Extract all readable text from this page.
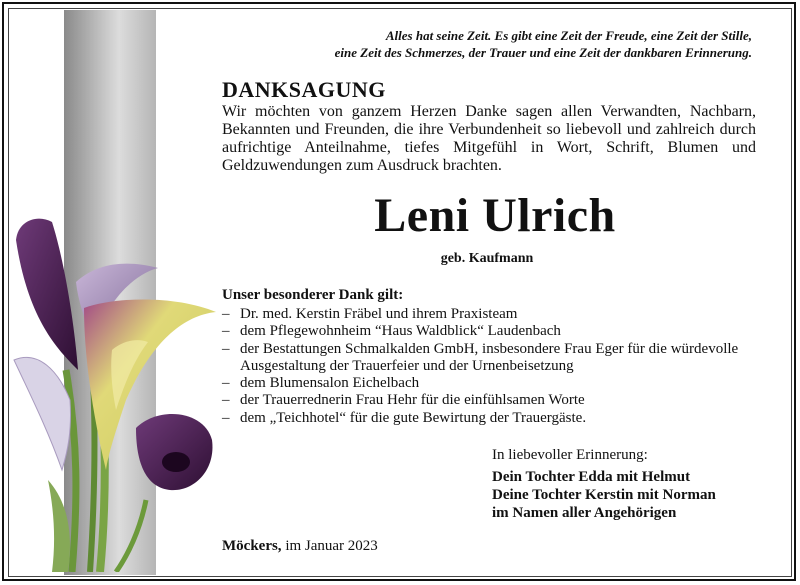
Alles hat seine Zeit. Es gibt eine Zeit der Freude, eine Zeit der Stille,
eine Zeit des Schmerzes, der Trauer und eine Zeit der dankbaren Erinnerung.
DANKSAGUNG
Wir möchten von ganzem Herzen Danke sagen allen Verwandten, Nachbarn, Bekannten und Freunden, die ihre Verbundenheit so liebevoll und zahlreich durch aufrichtige Anteilnahme, tiefes Mitgefühl in Wort, Schrift, Blumen und Geldzuwendungen zum Ausdruck brachten.
Leni Ulrich
geb. Kaufmann
Unser besonderer Dank gilt:
– Dr. med. Kerstin Fräbel und ihrem Praxisteam
– dem Pflegewohnheim “Haus Waldblick“ Laudenbach
– der Bestattungen Schmalkalden GmbH, insbesondere Frau Eger für die würdevolle Ausgestaltung der Trauerfeier und der Urnenbeisetzung
– dem Blumensalon Eichelbach
– der Trauerrednerin Frau Hehr für die einfühlsamen Worte
– dem „Teichhotel“ für die gute Bewirtung der Trauergäste.
In liebevoller Erinnerung:
Dein Tochter Edda mit Helmut
Deine Tochter Kerstin mit Norman
im Namen aller Angehörigen
Möckers, im Januar 2023
